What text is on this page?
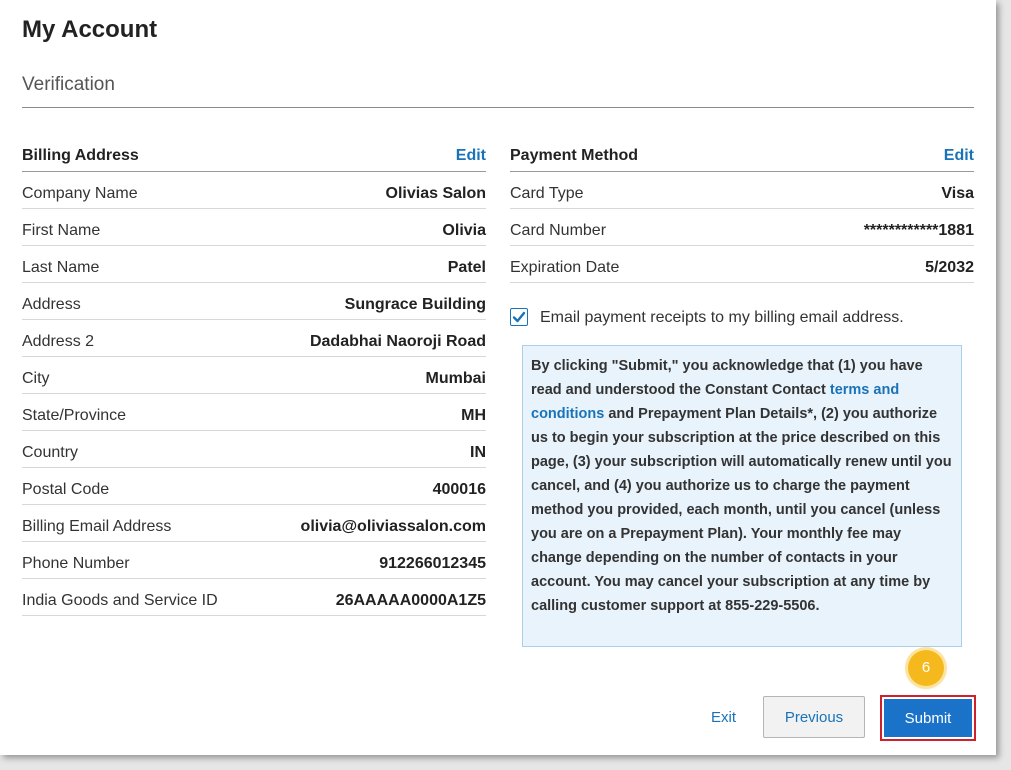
My Account
Verification
Billing Address	Edit
Company Name	Olivias Salon
First Name	Olivia
Last Name	Patel
Address	Sungrace Building
Address 2	Dadabhai Naoroji Road
City	Mumbai
State/Province	MH
Country	IN
Postal Code	400016
Billing Email Address	olivia@oliviassalon.com
Phone Number	912266012345
India Goods and Service ID	26AAAAA0000A1Z5
Payment Method	Edit
Card Type	Visa
Card Number	************1881
Expiration Date	5/2032
Email payment receipts to my billing email address.
By clicking "Submit," you acknowledge that (1) you have read and understood the Constant Contact terms and conditions and Prepayment Plan Details*, (2) you authorize us to begin your subscription at the price described on this page, (3) your subscription will automatically renew until you cancel, and (4) you authorize us to charge the payment method you provided, each month, until you cancel (unless you are on a Prepayment Plan). Your monthly fee may change depending on the number of contacts in your account. You may cancel your subscription at any time by calling customer support at 855-229-5506.
6
Exit	Previous	Submit
